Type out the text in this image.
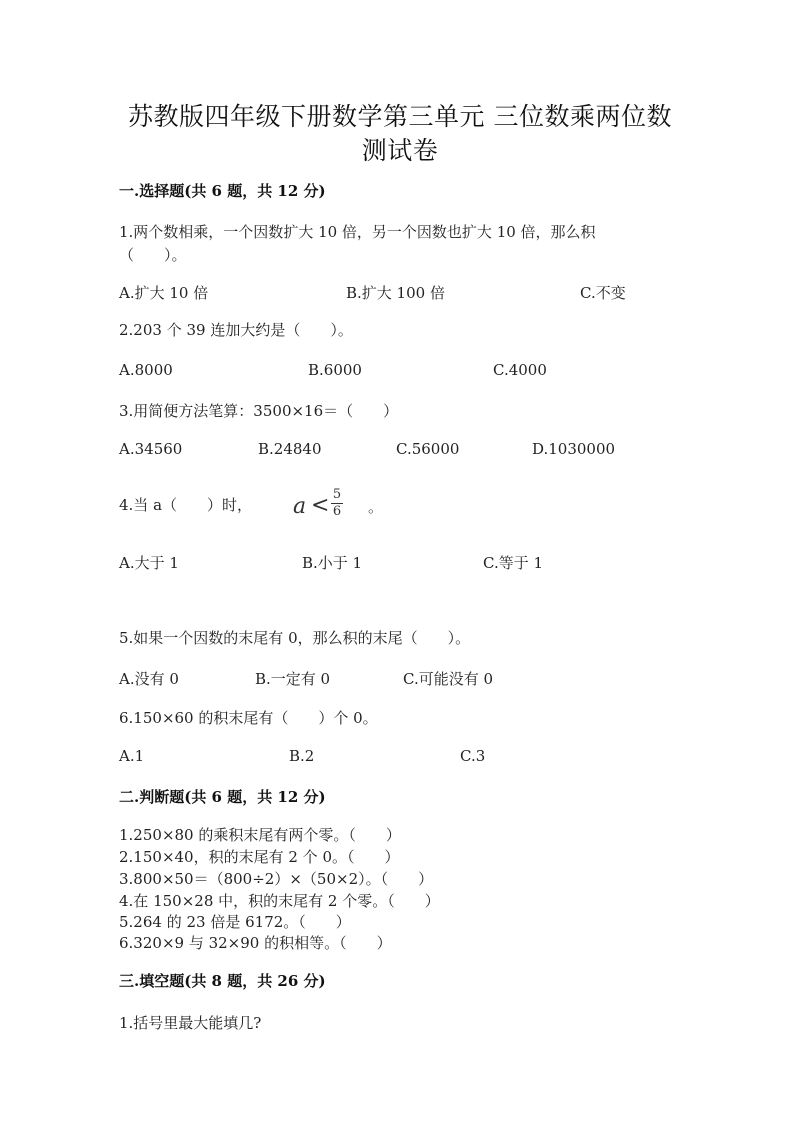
苏教版四年级下册数学第三单元 三位数乘两位数
测试卷
一.选择题(共 6 题，共 12 分)
1.两个数相乘，一个因数扩大 10 倍，另一个因数也扩大 10 倍，那么积
（　　）。
A.扩大 10 倍	B.扩大 100 倍	C.不变
2.203 个 39 连加大约是（　　）。
A.8000	B.6000	C.4000
3.用简便方法笔算：3500×16＝（　　）
A.34560	B.24840	C.56000	D.1030000
4.当 a（　　）时， a < 5
6 。
A.大于 1	B.小于 1	C.等于 1
5.如果一个因数的末尾有 0，那么积的末尾（　　）。
A.没有 0	B.一定有 0	C.可能没有 0
6.150×60 的积末尾有（　　）个 0。
A.1	B.2	C.3
二.判断题(共 6 题，共 12 分)
1.250×80 的乘积末尾有两个零。（　　）
2.150×40，积的末尾有 2 个 0。（　　）
3.800×50＝（800÷2）×（50×2）。（　　）
4.在 150×28 中，积的末尾有 2 个零。（　　）
5.264 的 23 倍是 6172。（　　）
6.320×9 与 32×90 的积相等。（　　）
三.填空题(共 8 题，共 26 分)
1.括号里最大能填几?
